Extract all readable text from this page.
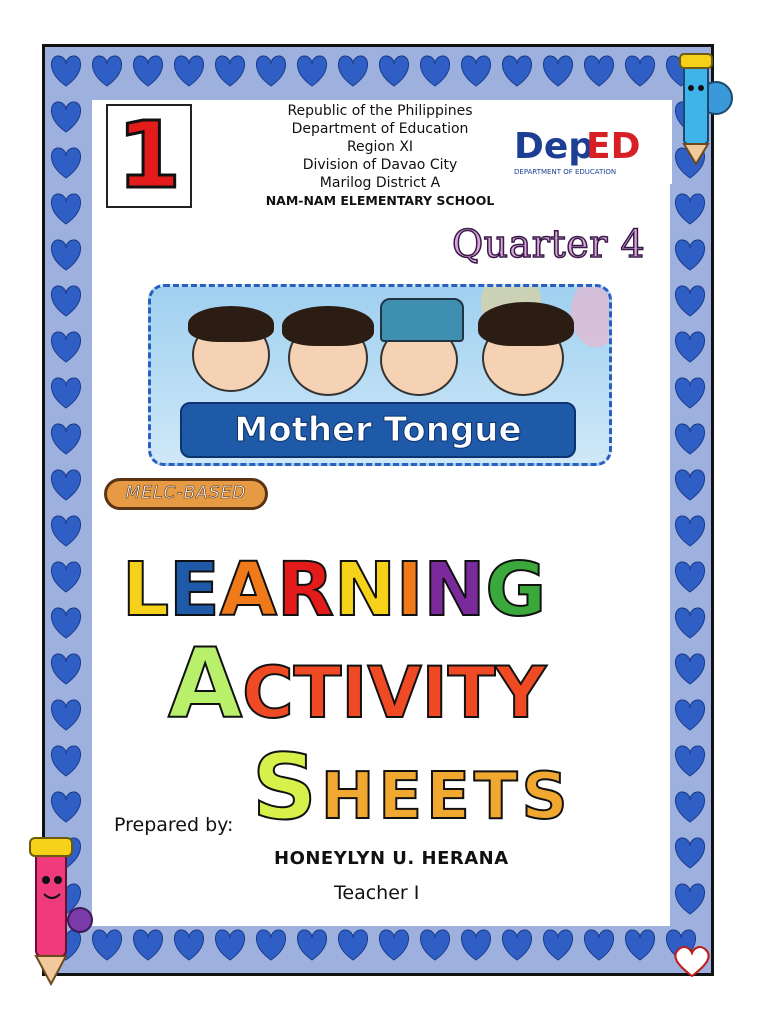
1	Republic of the Philippines
Department of Education
Region XI
Division of Davao City
Marilog District A
NAM-NAM ELEMENTARY SCHOOL
Dep
ED
DEPARTMENT OF EDUCATION
Quarter 4
Mother Tongue
MELC-BASED
LEARNING
ACTIVITY
SHEETS
Prepared by:
HONEYLYN U. HERANA
Teacher I
